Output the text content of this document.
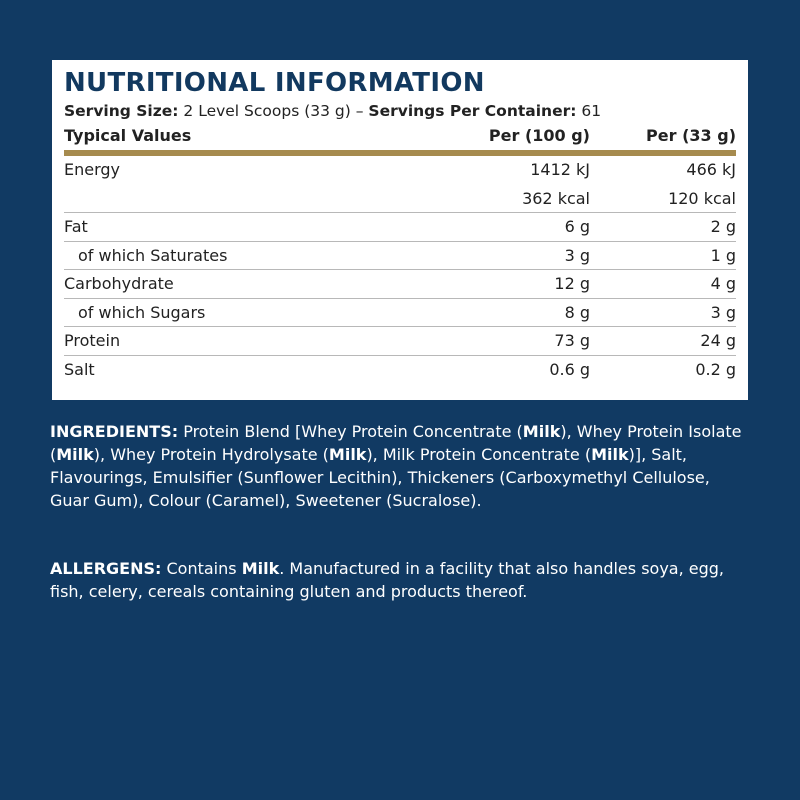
NUTRITIONAL INFORMATION
Serving Size: 2 Level Scoops (33 g) – Servings Per Container: 61
Typical Values	Per (100 g)	Per (33 g)
Energy	1412 kJ	466 kJ
362 kcal	120 kcal
Fat	6 g	2 g
of which Saturates	3 g	1 g
Carbohydrate	12 g	4 g
of which Sugars	8 g	3 g
Protein	73 g	24 g
Salt	0.6 g	0.2 g
INGREDIENTS: Protein Blend [Whey Protein Concentrate (Milk), Whey Protein Isolate (Milk), Whey Protein Hydrolysate (Milk), Milk Protein Concentrate (Milk)], Salt, Flavourings, Emulsifier (Sunflower Lecithin), Thickeners (Carboxymethyl Cellulose, Guar Gum), Colour (Caramel), Sweetener (Sucralose).
ALLERGENS: Contains Milk. Manufactured in a facility that also handles soya, egg, fish, celery, cereals containing gluten and products thereof.
